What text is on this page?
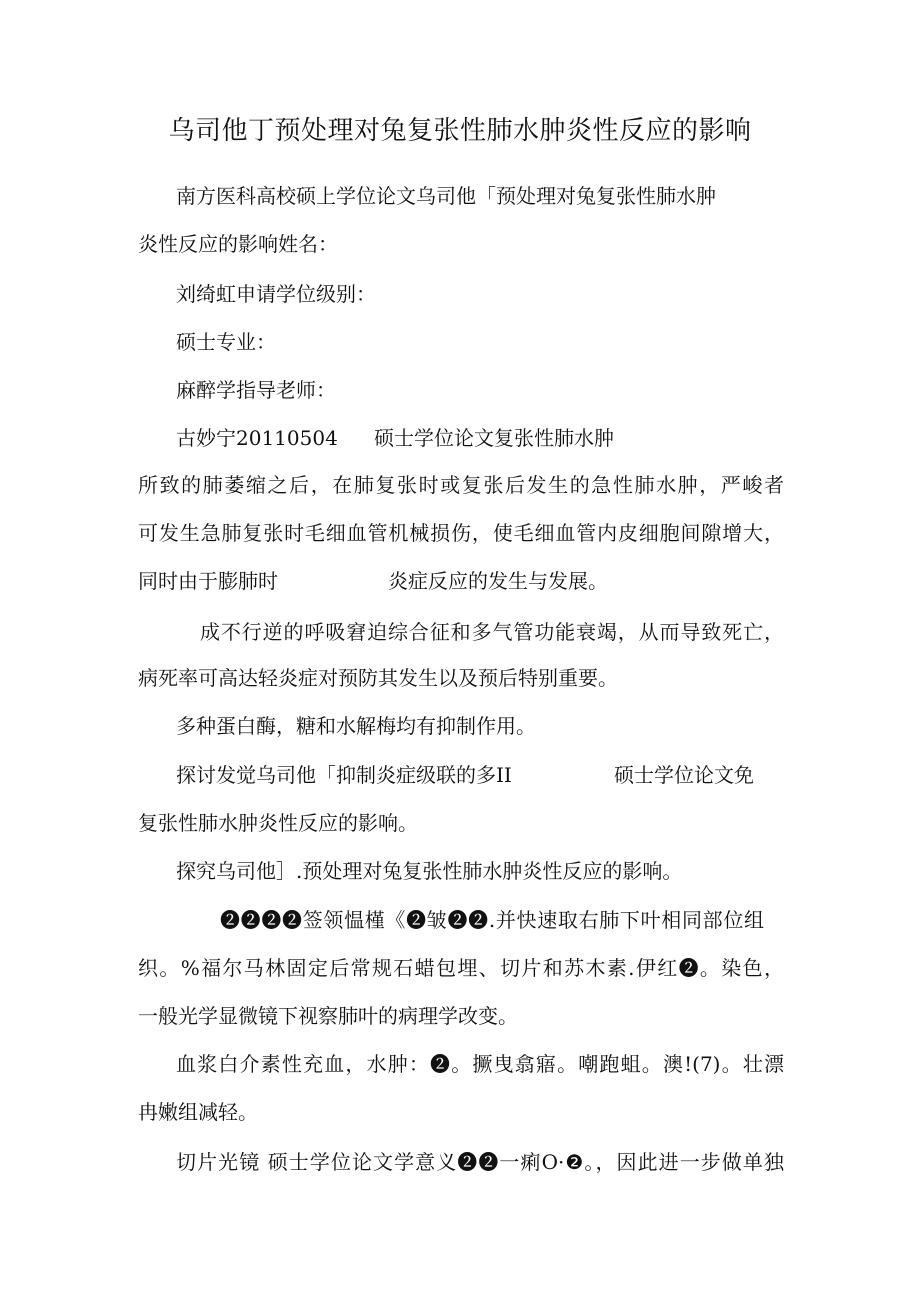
乌司他丁预处理对兔复张性肺水肿炎性反应的影响
南方医科高校硕上学位论文乌司他「预处理对兔复张性肺水肿
炎性反应的影响姓名：
刘绮虹申请学位级别：
硕士专业：
麻醉学指导老师：
古妙宁20110504 硕士学位论文复张性肺水肿
所致的肺萎缩之后，在肺复张时或复张后发生的急性肺水肿，严峻者
可发生急肺复张时毛细血管机械损伤，使毛细血管内皮细胞间隙增大，
同时由于膨肺时	炎症反应的发生与发展。
成不行逆的呼吸窘迫综合征和多气管功能衰竭，从而导致死亡，
病死率可高达轻炎症对预防其发生以及预后特别重要。
多种蛋白酶，糖和水解梅均有抑制作用。
探讨发觉乌司他「抑制炎症级联的多II	硕士学位论文免
复张性肺水肿炎性反应的影响。
探究乌司他］.预处理对兔复张性肺水肿炎性反应的影响。
❷❷❷❷签领愠槿《❷皱❷❷.并快速取右肺下叶相同部位组
织。%福尔马林固定后常规石蜡包埋、切片和苏木素.伊红❷。染色，
一般光学显微镜下视察肺叶的病理学改变。
血浆白介素性充血，水肿：❷。撅曳翕寤。嘲跑蛆。澳!(7)。壮漂
冉嫩组减轻。
切片光镜 硕士学位论文学意义❷❷一痢O·❷。，因此进一步做单独
